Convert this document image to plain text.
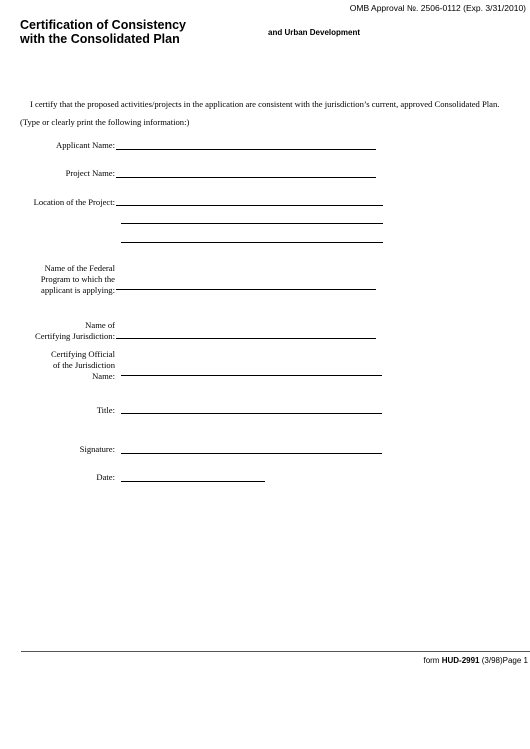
OMB Approval №. 2506-0112 (Exp. 3/31/2010)
Certification of Consistency
with the Consolidated Plan	and Urban Development
I certify that the proposed activities/projects in the application are consistent with the jurisdiction’s current, approved Consolidated Plan.
(Type or clearly print the following information:)
Applicant Name:
Project Name:
Location of the Project:
Name of the Federal
Program to which the
applicant is applying:
Name of
Certifying Jurisdiction:
Certifying Official
of the Jurisdiction
Name:
Title:
Signature:
Date:
form HUD-2991 (3/98)Page 1
